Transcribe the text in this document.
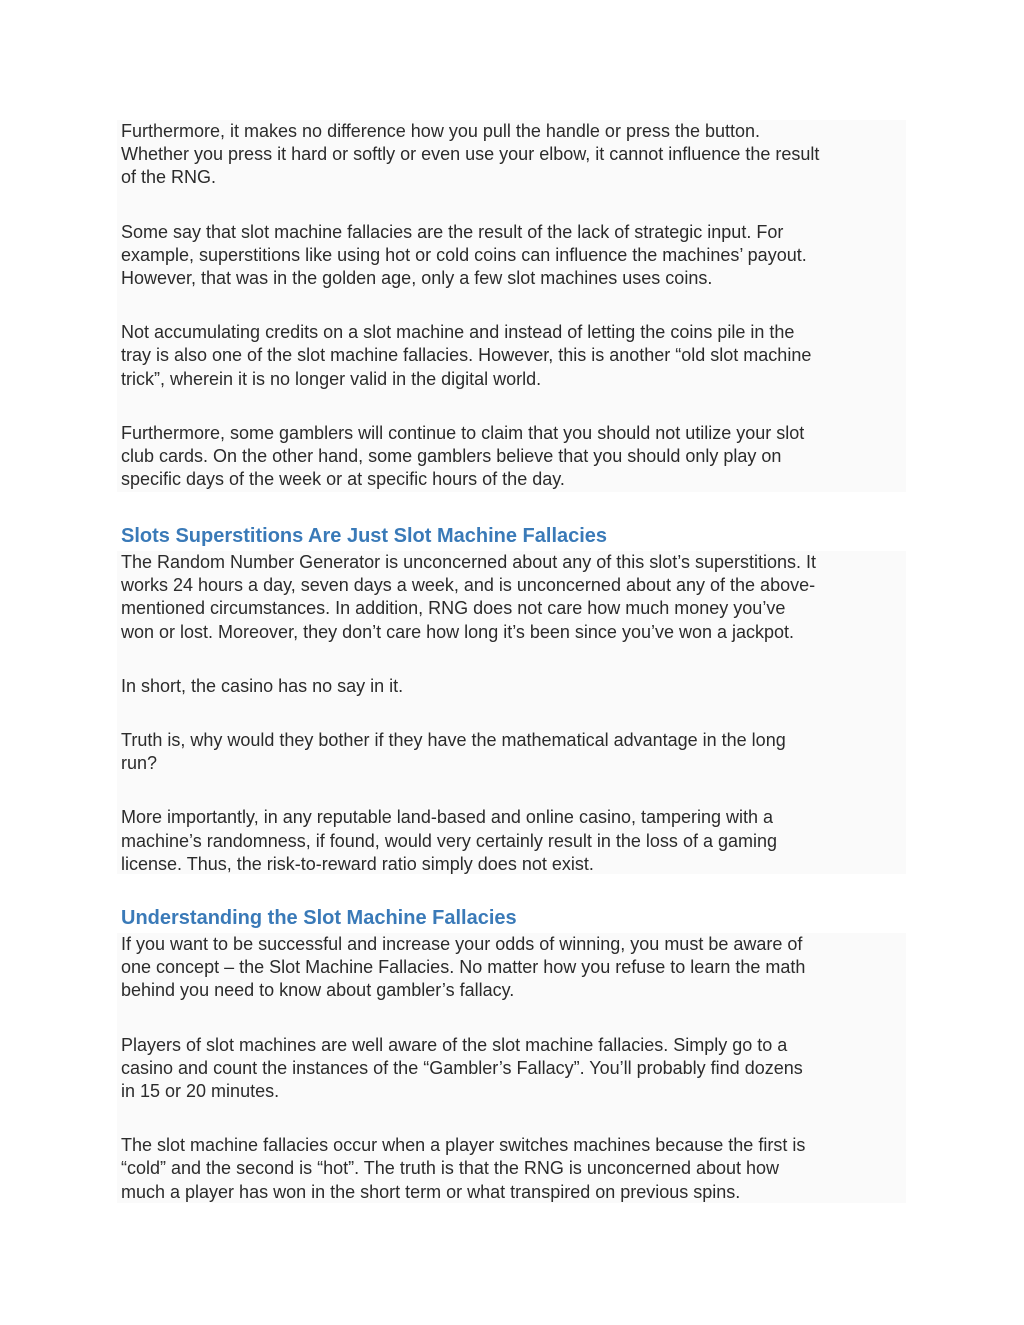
Furthermore, it makes no difference how you pull the handle or press the button.
Whether you press it hard or softly or even use your elbow, it cannot influence the result
of the RNG.

Some say that slot machine fallacies are the result of the lack of strategic input. For
example, superstitions like using hot or cold coins can influence the machines’ payout.
However, that was in the golden age, only a few slot machines uses coins.

Not accumulating credits on a slot machine and instead of letting the coins pile in the
tray is also one of the slot machine fallacies. However, this is another “old slot machine
trick”, wherein it is no longer valid in the digital world.

Furthermore, some gamblers will continue to claim that you should not utilize your slot
club cards. On the other hand, some gamblers believe that you should only play on
specific days of the week or at specific hours of the day.

Slots Superstitions Are Just Slot Machine Fallacies

The Random Number Generator is unconcerned about any of this slot’s superstitions. It
works 24 hours a day, seven days a week, and is unconcerned about any of the above-
mentioned circumstances. In addition, RNG does not care how much money you’ve
won or lost. Moreover, they don’t care how long it’s been since you’ve won a jackpot.

In short, the casino has no say in it.

Truth is, why would they bother if they have the mathematical advantage in the long
run?

More importantly, in any reputable land-based and online casino, tampering with a
machine’s randomness, if found, would very certainly result in the loss of a gaming
license. Thus, the risk-to-reward ratio simply does not exist.

Understanding the Slot Machine Fallacies

If you want to be successful and increase your odds of winning, you must be aware of
one concept – the Slot Machine Fallacies. No matter how you refuse to learn the math
behind you need to know about gambler’s fallacy.

Players of slot machines are well aware of the slot machine fallacies. Simply go to a
casino and count the instances of the “Gambler’s Fallacy”. You’ll probably find dozens
in 15 or 20 minutes.

The slot machine fallacies occur when a player switches machines because the first is
“cold” and the second is “hot”. The truth is that the RNG is unconcerned about how
much a player has won in the short term or what transpired on previous spins.
